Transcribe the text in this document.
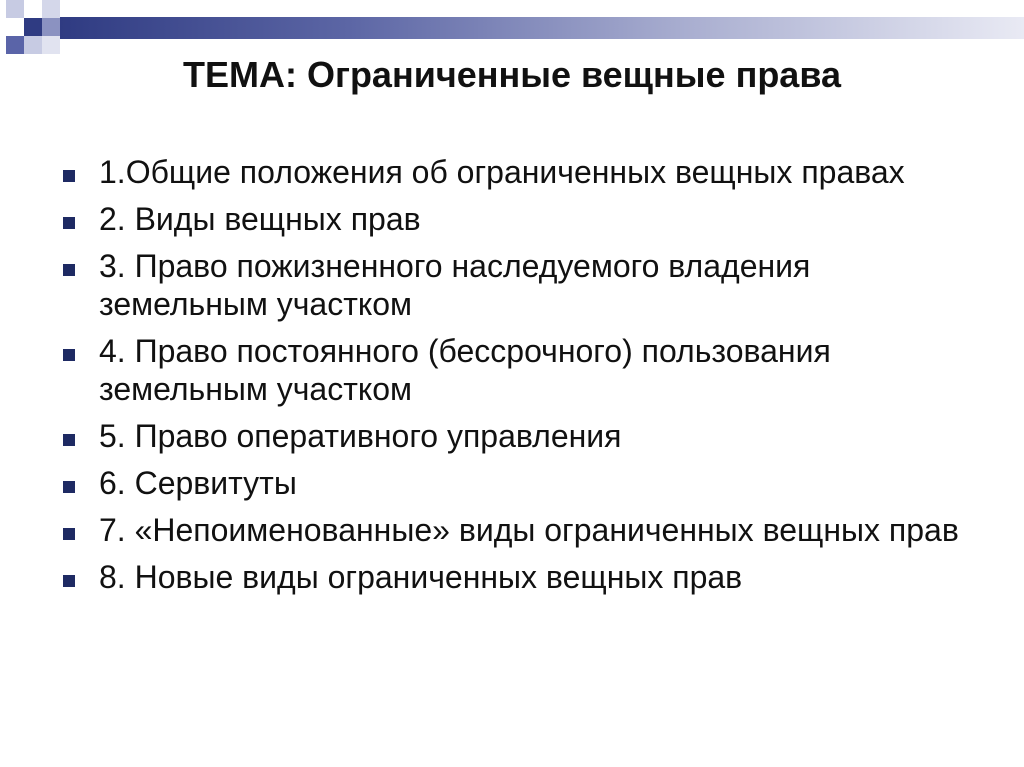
ТЕМА: Ограниченные вещные права
1.Общие положения об ограниченных вещных правах
2. Виды вещных прав
3. Право пожизненного наследуемого владения земельным участком
4. Право постоянного (бессрочного) пользования земельным участком
5. Право оперативного управления
6. Сервитуты
7. «Непоименованные» виды ограниченных вещных прав
8. Новые виды ограниченных вещных прав
